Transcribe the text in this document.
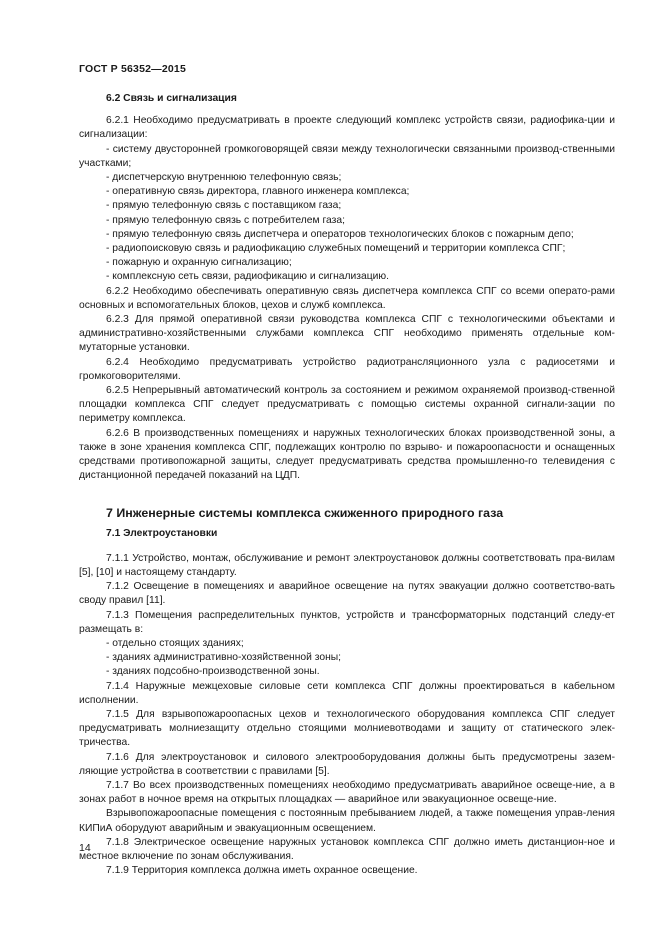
ГОСТ Р 56352—2015

6.2 Связь и сигнализация

6.2.1 Необходимо предусматривать в проекте следующий комплекс устройств связи, радиофика-ции и сигнализации:

- систему двусторонней громкоговорящей связи между технологически связанными производ-ственными участками;

- диспетчерскую внутреннюю телефонную связь;

- оперативную связь директора, главного инженера комплекса;

- прямую телефонную связь с поставщиком газа;

- прямую телефонную связь с потребителем газа;

- прямую телефонную связь диспетчера и операторов технологических блоков с пожарным депо;

- радиопоисковую связь и радиофикацию служебных помещений и территории комплекса СПГ;

- пожарную и охранную сигнализацию;

- комплексную сеть связи, радиофикацию и сигнализацию.

6.2.2 Необходимо обеспечивать оперативную связь диспетчера комплекса СПГ со всеми операто-рами основных и вспомогательных блоков, цехов и служб комплекса.

6.2.3 Для прямой оперативной связи руководства комплекса СПГ с технологическими объектами и административно-хозяйственными службами комплекса СПГ необходимо применять отдельные ком-мутаторные установки.

6.2.4 Необходимо предусматривать устройство радиотрансляционного узла с радиосетями и громкоговорителями.

6.2.5 Непрерывный автоматический контроль за состоянием и режимом охраняемой производ-ственной площадки комплекса СПГ следует предусматривать с помощью системы охранной сигнали-зации по периметру комплекса.

6.2.6 В производственных помещениях и наружных технологических блоках производственной зоны, а также в зоне хранения комплекса СПГ, подлежащих контролю по взрыво- и пожароопасности и оснащенных средствами противопожарной защиты, следует предусматривать средства промышленно-го телевидения с дистанционной передачей показаний на ЦДП.

7 Инженерные системы комплекса сжиженного природного газа

7.1 Электроустановки

7.1.1 Устройство, монтаж, обслуживание и ремонт электроустановок должны соответствовать пра-вилам [5], [10] и настоящему стандарту.

7.1.2 Освещение в помещениях и аварийное освещение на путях эвакуации должно соответство-вать своду правил [11].

7.1.3 Помещения распределительных пунктов, устройств и трансформаторных подстанций следу-ет размещать в:

- отдельно стоящих зданиях;

- зданиях административно-хозяйственной зоны;

- зданиях подсобно-производственной зоны.

7.1.4 Наружные межцеховые силовые сети комплекса СПГ должны проектироваться в кабельном исполнении.

7.1.5 Для взрывопожароопасных цехов и технологического оборудования комплекса СПГ следует предусматривать молниезащиту отдельно стоящими молниевотводами и защиту от статического элек-тричества.

7.1.6 Для электроустановок и силового электрооборудования должны быть предусмотрены зазем-ляющие устройства в соответствии с правилами [5].

7.1.7 Во всех производственных помещениях необходимо предусматривать аварийное освеще-ние, а в зонах работ в ночное время на открытых площадках — аварийное или эвакуационное освеще-ние.

Взрывопожароопасные помещения с постоянным пребыванием людей, а также помещения управ-ления КИПиА оборудуют аварийным и эвакуационным освещением.

7.1.8 Электрическое освещение наружных установок комплекса СПГ должно иметь дистанцион-ное и местное включение по зонам обслуживания.

7.1.9 Территория комплекса должна иметь охранное освещение.

14
